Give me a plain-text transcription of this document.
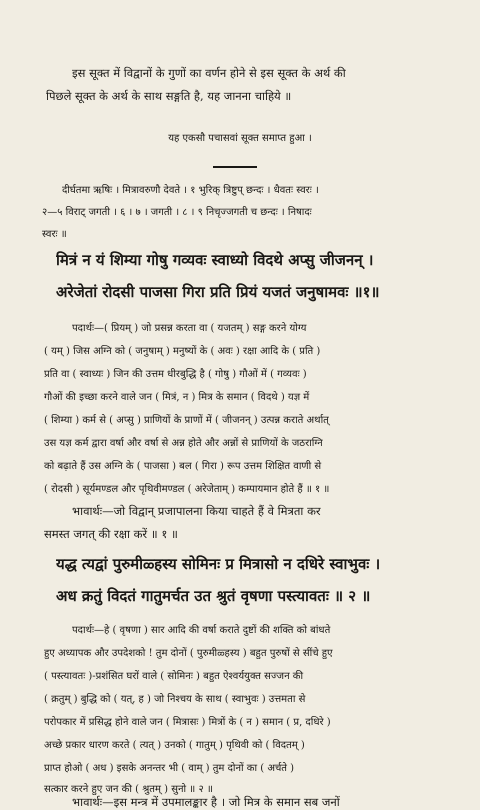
इस सूक्त में विद्वानों के गुणों का वर्णन होने से इस सूक्त के अर्थ की
पिछले सूक्त के अर्थ के साथ सङ्गति है, यह जानना चाहिये ॥
यह एकसौ पचासवां सूक्त समाप्त हुआ ।
दीर्घतमा ऋषिः । मित्रावरुणौ देवते । १ भुरिक् त्रिष्टुप् छन्दः । धैवतः स्वरः ।
२—५ विराट् जगती । ६ । ७ । जगती । ८ । ९ निचृज्जगती च छन्दः । निषादः
स्वरः ॥
मित्रं न यं शिम्या गोषु गव्यवः स्वाध्यो विदथे अप्सु जीजनन् ।
अरेजेतां रोदसी पाजसा गिरा प्रति प्रियं यजतं जनुषामवः ॥१॥
पदार्थः—( प्रियम् ) जो प्रसन्न करता वा ( यजतम् ) सङ्ग करने योग्य
( यम् ) जिस अग्नि को ( जनुषाम् ) मनुष्यों के ( अवः ) रक्षा आदि के ( प्रति )
प्रति वा ( स्वाध्यः ) जिन की उत्तम धीरबुद्धि है ( गोषु ) गौओं में ( गव्यवः )
गौओं की इच्छा करने वाले जन ( मित्रं, न ) मित्र के समान ( विदथे ) यज्ञ में
( शिम्या ) कर्म से ( अप्सु ) प्राणियों के प्राणों में ( जीजनन् ) उत्पन्न कराते अर्थात्
उस यज्ञ कर्म द्वारा वर्षा और वर्षा से अन्न होते और अन्नों से प्राणियों के जठराग्नि
को बढ़ाते हैं उस अग्नि के ( पाजसा ) बल ( गिरा ) रूप उत्तम शिक्षित वाणी से
( रोदसी ) सूर्यमण्डल और पृथिवीमण्डल ( अरेजेताम् ) कम्पायमान होते हैं ॥ १ ॥
भावार्थः—जो विद्वान् प्रजापालना किया चाहते हैं वे मित्रता कर
समस्त जगत् की रक्षा करें ॥ १ ॥
यद्ध त्यद्वां पुरुमीळ्हस्य सोमिनः प्र मित्रासो न दधिरे स्वाभुवः ।
अध क्रतुं विदतं गातुमर्चत उत श्रुतं वृषणा पस्त्यावतः ॥ २ ॥
पदार्थः—हे ( वृषणा ) सार आदि की वर्षा कराते दुष्टों की शक्ति को बांधते
हुए अध्यापक और उपदेशको ! तुम दोनों ( पुरुमीळ्हस्य ) बहुत पुरुषों से सींचे हुए
( पस्त्यावतः )-प्रशंसित घरों वाले ( सोमिनः ) बहुत ऐश्वर्ययुक्त सज्जन की
( क्रतुम् ) बुद्धि को ( यत्, ह ) जो निश्चय के साथ ( स्वाभुवः ) उत्तमता से
परोपकार में प्रसिद्ध होने वाले जन ( मित्रासः ) मित्रों के ( न ) समान ( प्र, दधिरे )
अच्छे प्रकार धारण करते ( त्यत् ) उनको ( गातुम् ) पृथिवी को ( विदतम् )
प्राप्त होओ ( अध ) इसके अनन्तर भी ( वाम् ) तुम दोनों का ( अर्चते )
सत्कार करने हुए जन की ( श्रुतम् ) सुनो ॥ २ ॥
भावार्थः—इस मन्त्र में उपमालङ्कार है । जो मित्र के समान सब जनों
